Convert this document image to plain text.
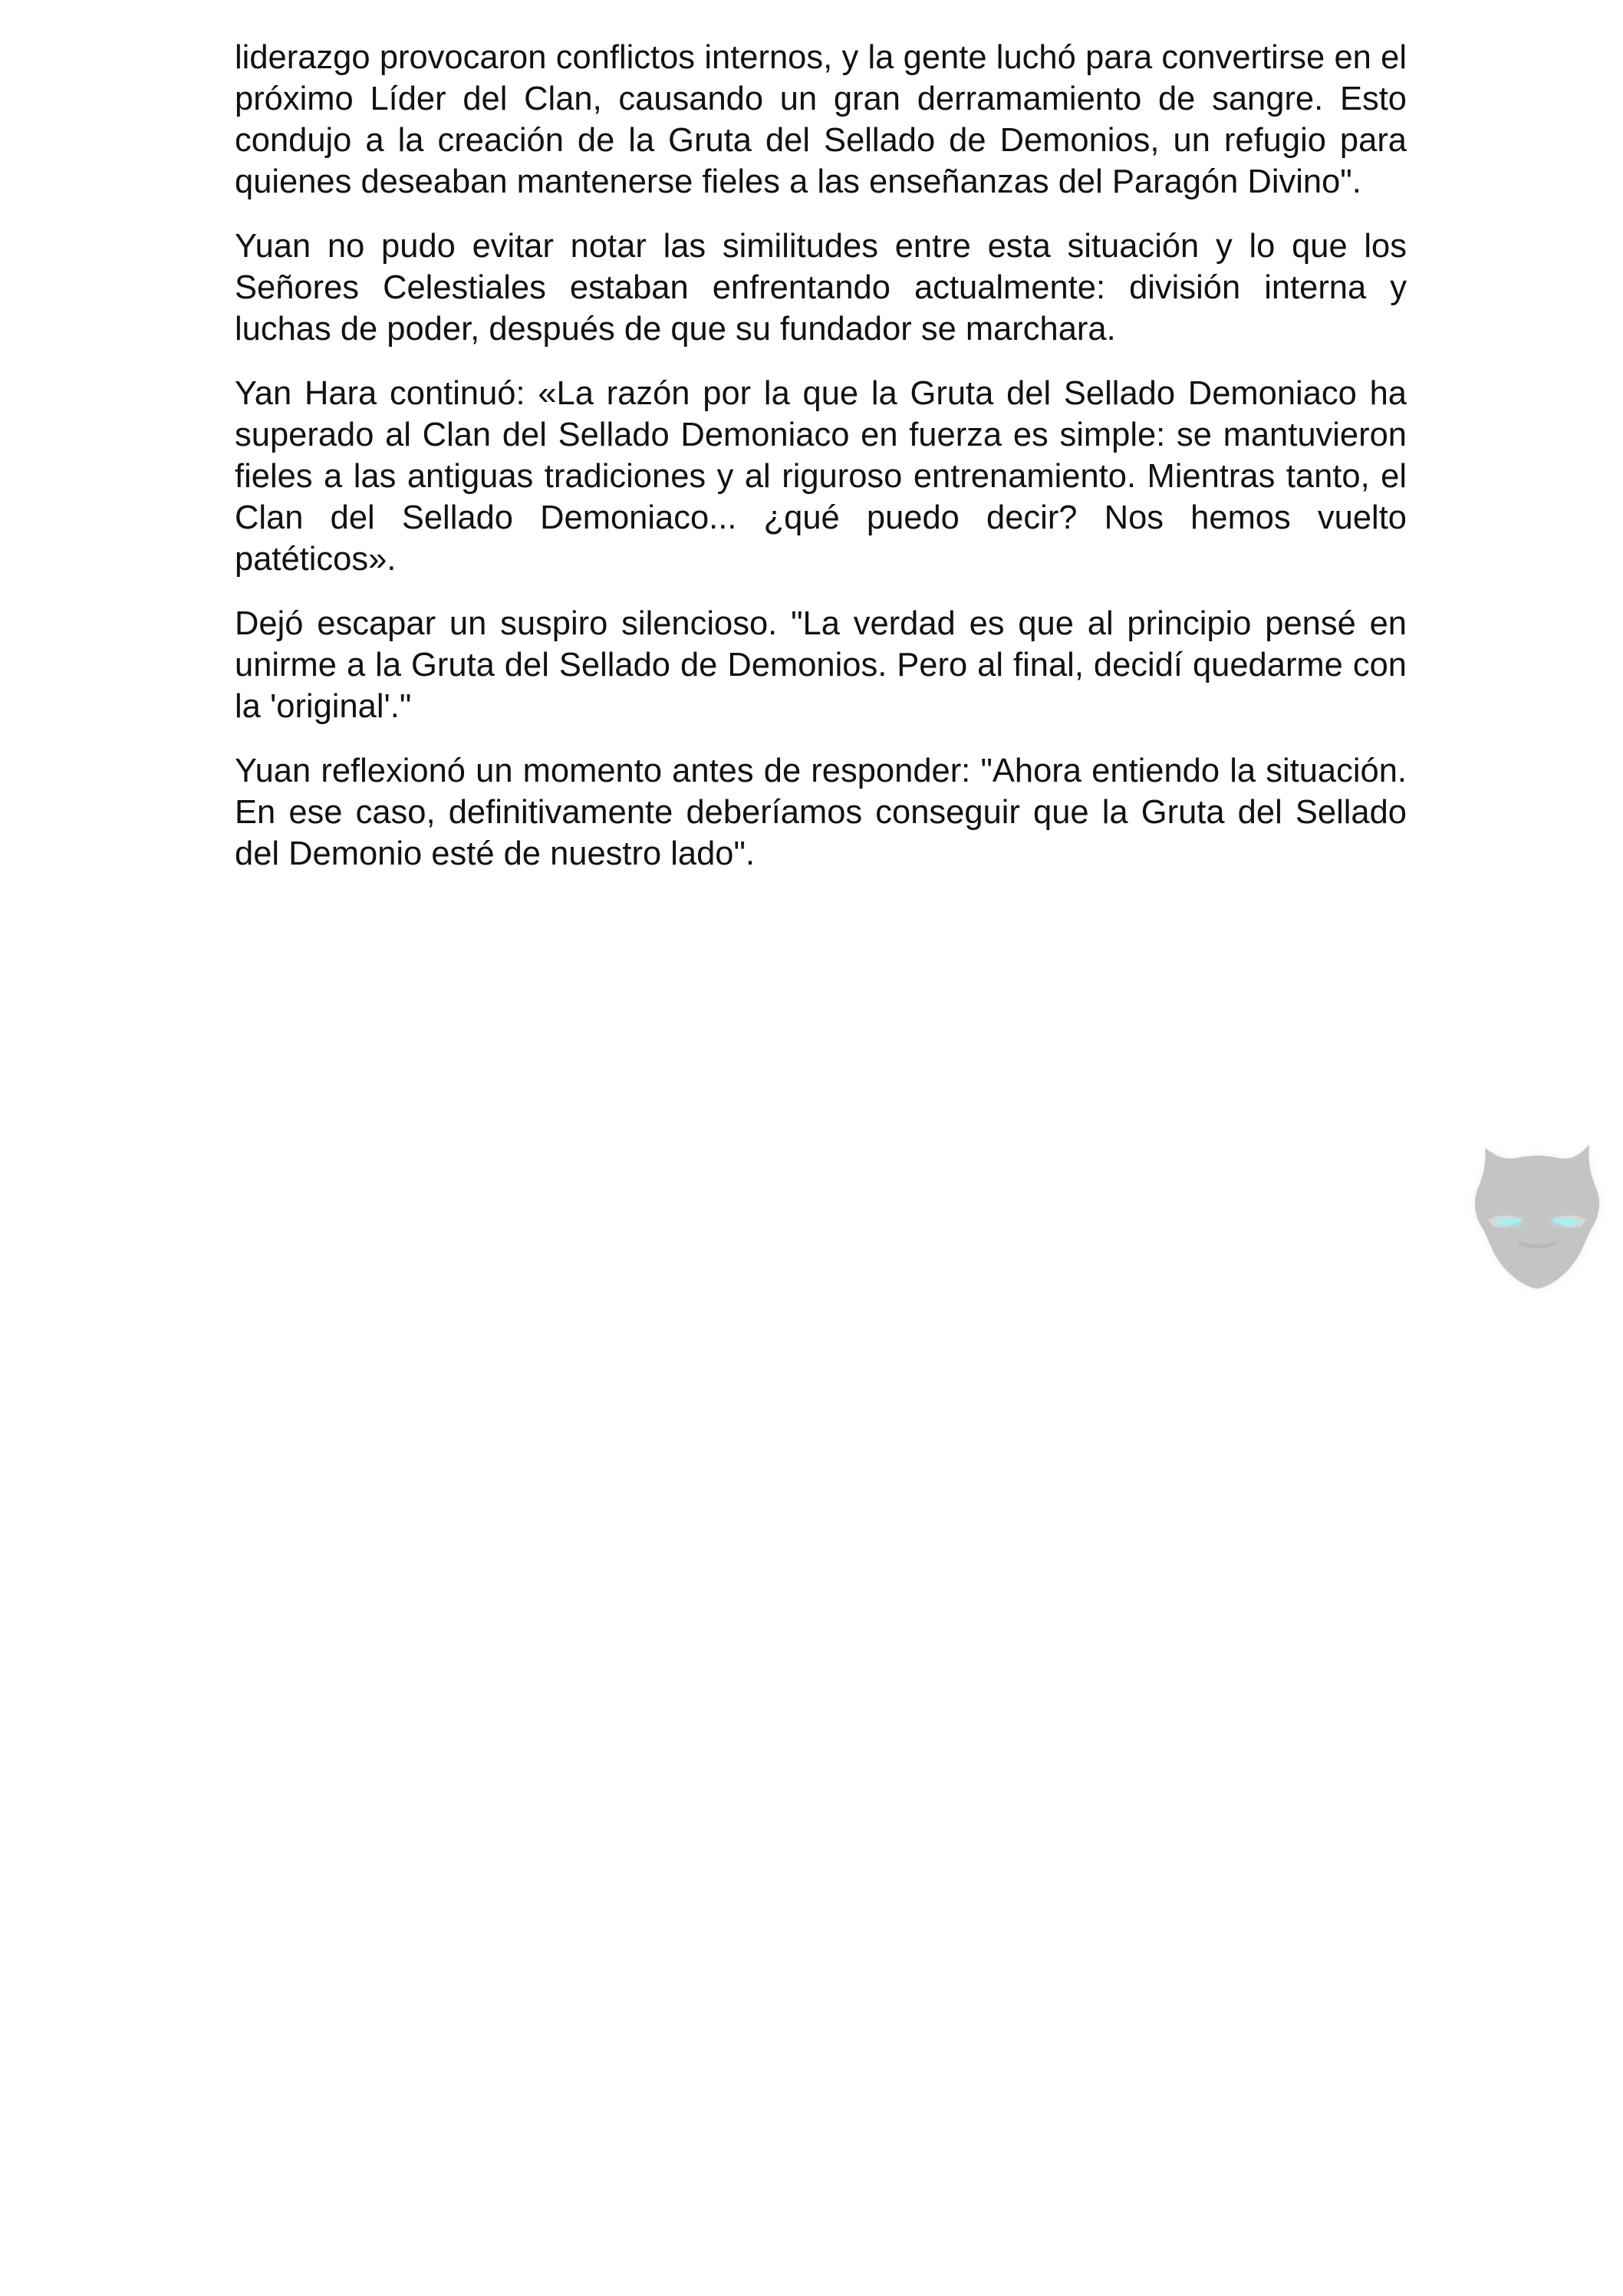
liderazgo provocaron conflictos internos, y la gente luchó para convertirse en el próximo Líder del Clan, causando un gran derramamiento de sangre. Esto condujo a la creación de la Gruta del Sellado de Demonios, un refugio para quienes deseaban mantenerse fieles a las enseñanzas del Paragón Divino".

Yuan no pudo evitar notar las similitudes entre esta situación y lo que los Señores Celestiales estaban enfrentando actualmente: división interna y luchas de poder, después de que su fundador se marchara.

Yan Hara continuó: «La razón por la que la Gruta del Sellado Demoniaco ha superado al Clan del Sellado Demoniaco en fuerza es simple: se mantuvieron fieles a las antiguas tradiciones y al riguroso entrenamiento. Mientras tanto, el Clan del Sellado Demoniaco... ¿qué puedo decir? Nos hemos vuelto patéticos».

Dejó escapar un suspiro silencioso. "La verdad es que al principio pensé en unirme a la Gruta del Sellado de Demonios. Pero al final, decidí quedarme con la 'original'."

Yuan reflexionó un momento antes de responder: "Ahora entiendo la situación. En ese caso, definitivamente deberíamos conseguir que la Gruta del Sellado del Demonio esté de nuestro lado".
